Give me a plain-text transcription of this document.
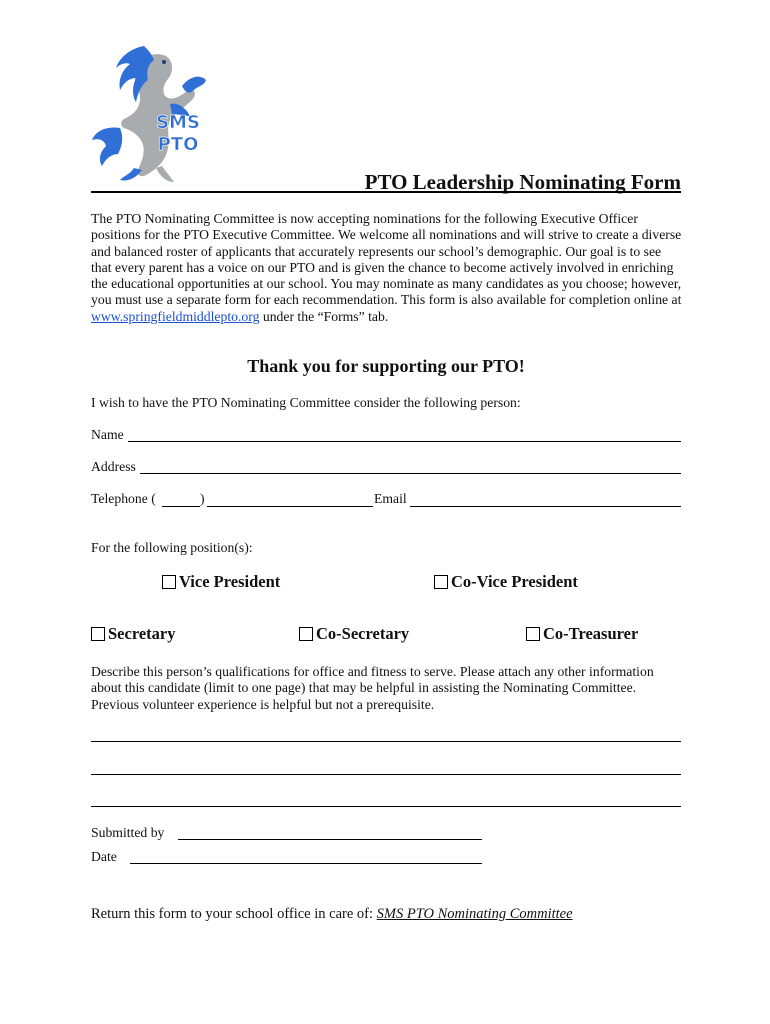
SMS
PTO
PTO Leadership Nominating Form
The PTO Nominating Committee is now accepting nominations for the following Executive Officer positions for the PTO Executive Committee. We welcome all nominations and will strive to create a diverse and balanced roster of applicants that accurately represents our school’s demographic. Our goal is to see that every parent has a voice on our PTO and is given the chance to become actively involved in enriching the educational opportunities at our school. You may nominate as many candidates as you choose; however, you must use a separate form for each recommendation. This form is also available for completion online at www.springfieldmiddlepto.org under the “Forms” tab.
Thank you for supporting our PTO!
I wish to have the PTO Nominating Committee consider the following person:
Name
Address
Telephone (	)	Email
For the following position(s):
Vice President	Co-Vice President
Secretary	Co-Secretary	Co-Treasurer
Describe this person’s qualifications for office and fitness to serve. Please attach any other information about this candidate (limit to one page) that may be helpful in assisting the Nominating Committee. Previous volunteer experience is helpful but not a prerequisite.
Submitted by
Date
Return this form to your school office in care of: SMS PTO Nominating Committee
